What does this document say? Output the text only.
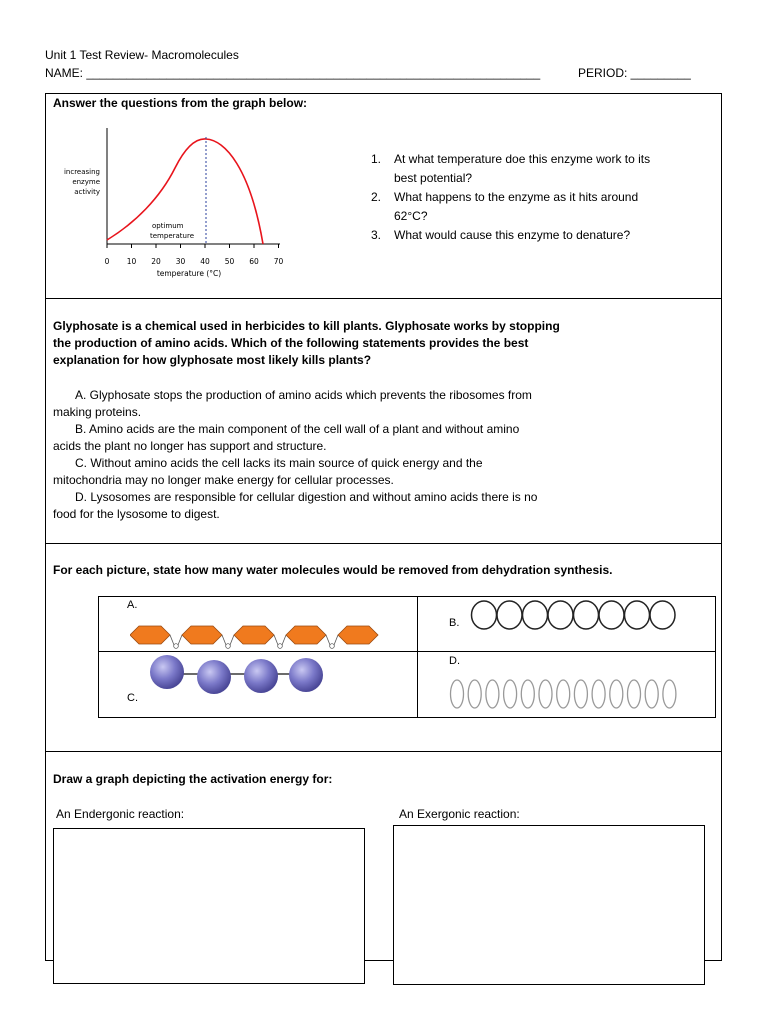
Unit 1 Test Review- Macromolecules
NAME: ____________________________________________________________________	PERIOD: _________
Answer the questions from the graph below:
increasing
enzyme
activity
optimum
temperature
0 10 20 30 40 50 60 70
temperature (°C)
1. At what temperature doe this enzyme work to its
best potential?
2. What happens to the enzyme as it hits around
62°C?
3. What would cause this enzyme to denature?
Glyphosate is a chemical used in herbicides to kill plants. Glyphosate works by stopping
the production of amino acids. Which of the following statements provides the best
explanation for how glyphosate most likely kills plants?
A. Glyphosate stops the production of amino acids which prevents the ribosomes from
making proteins.
B. Amino acids are the main component of the cell wall of a plant and without amino
acids the plant no longer has support and structure.
C. Without amino acids the cell lacks its main source of quick energy and the
mitochondria may no longer make energy for cellular processes.
D. Lysosomes are responsible for cellular digestion and without amino acids there is no
food for the lysosome to digest.
For each picture, state how many water molecules would be removed from dehydration synthesis.
A.
B.
C.
D.
Draw a graph depicting the activation energy for:
An Endergonic reaction:	An Exergonic reaction:
